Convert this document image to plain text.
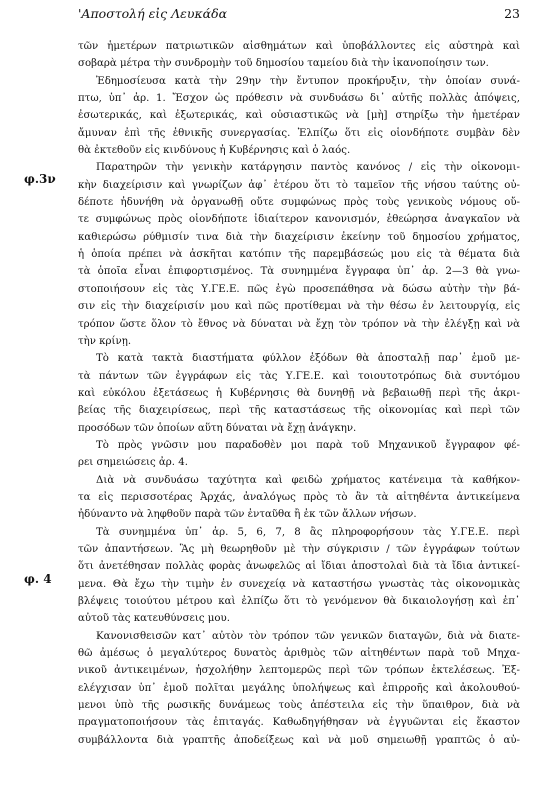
'Απoστoλή εἰς Λευκάδα	23
φ.3ν
φ. 4
τῶν ἡμετέρων πατριωτικῶν αἰσθημάτων καὶ ὑποβάλλοντες εἰς αὐστηρὰ καὶ
σοβαρὰ μέτρα τὴν συνδρομὴν τοῦ δημοσίου ταμείου διὰ τὴν ἱκανοποίησιν των.
Ἐδημοσίευσα κατὰ τὴν 29ην τὴν ἔντυπον προκήρυξιν, τὴν ὁποίαν συνά-
πτω, ὑπ᾽ ἀρ. 1. Ἔσχον ὡς πρόθεσιν νὰ συνδυάσω δι᾽ αὐτῆς πολλὰς ἀπόψεις,
ἐσωτερικάς, καὶ ἐξωτερικάς, καὶ οὐσιαστικῶς νὰ [μὴ] στηρίξω τὴν ἡμετέραν
ἄμυναν ἐπὶ τῆς ἐθνικῆς συνεργασίας. Ἐλπίζω ὅτι εἰς οἱονδήποτε συμβὰν δὲν
θὰ ἐκτεθοῦν εἰς κινδύνους ἡ Κυβέρνησις καὶ ὁ λαός.
Παρατηρῶν τὴν γενικὴν κατάργησιν παντὸς κανόνος / εἰς τὴν οἰκονομι-
κὴν διαχείρισιν καὶ γνωρίζων ἀφ᾽ ἑτέρου ὅτι τὸ ταμεῖον τῆς νήσου ταύτης οὐ-
δέποτε ἠδυνήθη νὰ ὀργανωθῇ οὔτε συμφώνως πρὸς τοὺς γενικοὺς νόμους οὔ-
τε συμφώνως πρὸς οἱονδήποτε ἰδιαίτερον κανονισμόν, ἐθεώρησα ἀναγκαῖον νὰ
καθιερώσω ρύθμισίν τινα διὰ τὴν διαχείρισιν ἐκείνην τοῦ δημοσίου χρήματος,
ἡ ὁποία πρέπει νὰ ἀσκῆται κατόπιν τῆς παρεμβάσεώς μου εἰς τὰ θέματα διὰ
τὰ ὁποῖα εἶναι ἐπιφορτισμένος. Τὰ συνημμένα ἔγγραφα ὑπ᾽ ἀρ. 2—3 θὰ γνω-
στοποιήσουν εἰς τὰς Υ.ΓΕ.Ε. πῶς ἐγὼ προσεπάθησα νὰ δώσω αὐτὴν τὴν βά-
σιν εἰς τὴν διαχείρισίν μου καὶ πῶς προτίθεμαι νὰ τὴν θέσω ἐν λειτουργίᾳ, εἰς
τρόπον ὥστε ὅλον τὸ ἔθνος νὰ δύναται νὰ ἔχῃ τὸν τρόπον νὰ τὴν ἐλέγξῃ καὶ νὰ
τὴν κρίνῃ.
Τὸ κατὰ τακτὰ διαστήματα φύλλον ἐξόδων θὰ ἀποσταλῇ παρ᾽ ἐμοῦ με-
τὰ πάντων τῶν ἐγγράφων εἰς τὰς Υ.ΓΕ.Ε. καὶ τοιουτοτρόπως διὰ συντόμου
καὶ εὐκόλου ἐξετάσεως ἡ Κυβέρνησις θὰ δυνηθῇ νὰ βεβαιωθῇ περὶ τῆς ἀκρι-
βείας τῆς διαχειρίσεως, περὶ τῆς καταστάσεως τῆς οἰκονομίας καὶ περὶ τῶν
προσόδων τῶν ὁποίων αὕτη δύναται νὰ ἔχῃ ἀνάγκην.
Τὸ πρὸς γνῶσιν μου παραδοθὲν μοι παρὰ τοῦ Μηχανικοῦ ἔγγραφον φέ-
ρει σημειώσεις ἀρ. 4.
Διὰ νὰ συνδυάσω ταχύτητα καὶ φειδὼ χρήματος κατένειμα τὰ καθήκον-
τα εἰς περισσοτέρας Ἀρχάς, ἀναλόγως πρὸς τὸ ἂν τὰ αἰτηθέντα ἀντικείμενα
ἠδύναντο νὰ ληφθοῦν παρὰ τῶν ἐνταῦθα ἢ ἐκ τῶν ἄλλων νήσων.
Τὰ συνημμένα ὑπ᾽ ἀρ. 5, 6, 7, 8 ἂς πληροφορήσουν τὰς Υ.ΓΕ.Ε. περὶ
τῶν ἀπαντήσεων. Ἂς μὴ θεωρηθοῦν μὲ τὴν σύγκρισιν / τῶν ἐγγράφων τούτων
ὅτι ἀνετέθησαν πολλὰς φορὰς ἀνωφελῶς αἱ ἴδιαι ἀποστολαὶ διὰ τὰ ἴδια ἀντικεί-
μενα. Θὰ ἔχω τὴν τιμὴν ἐν συνεχείᾳ νὰ καταστήσω γνωστὰς τὰς οἰκονομικὰς
βλέψεις τοιούτου μέτρου καὶ ἐλπίζω ὅτι τὸ γενόμενον θὰ δικαιολογήσῃ καὶ ἐπ᾽
αὐτοῦ τὰς κατευθύνσεις μου.
Κανονισθεισῶν κατ᾽ αὐτὸν τὸν τρόπον τῶν γενικῶν διαταγῶν, διὰ νὰ διατε-
θῶ ἀμέσως ὁ μεγαλύτερος δυνατὸς ἀριθμὸς τῶν αἰτηθέντων παρὰ τοῦ Μηχα-
νικοῦ ἀντικειμένων, ἠσχολήθην λεπτομερῶς περὶ τῶν τρόπων ἐκτελέσεως. Ἐξ-
ελέγχισαν ὑπ᾽ ἐμοῦ πολῖται μεγάλης ὑπολήψεως καὶ ἐπιρροῆς καὶ ἀκολουθού-
μενοι ὑπὸ τῆς ρωσικῆς δυνάμεως τοὺς ἀπέστειλα εἰς τὴν ὕπαιθρον, διὰ νὰ
πραγματοποιήσουν τὰς ἐπιταγάς. Καθωδηγήθησαν νὰ ἐγγυῶνται εἰς ἕκαστον
συμβάλλοντα διὰ γραπτῆς ἀποδείξεως καὶ νὰ μοῦ σημειωθῇ γραπτῶς ὁ αὐ-
